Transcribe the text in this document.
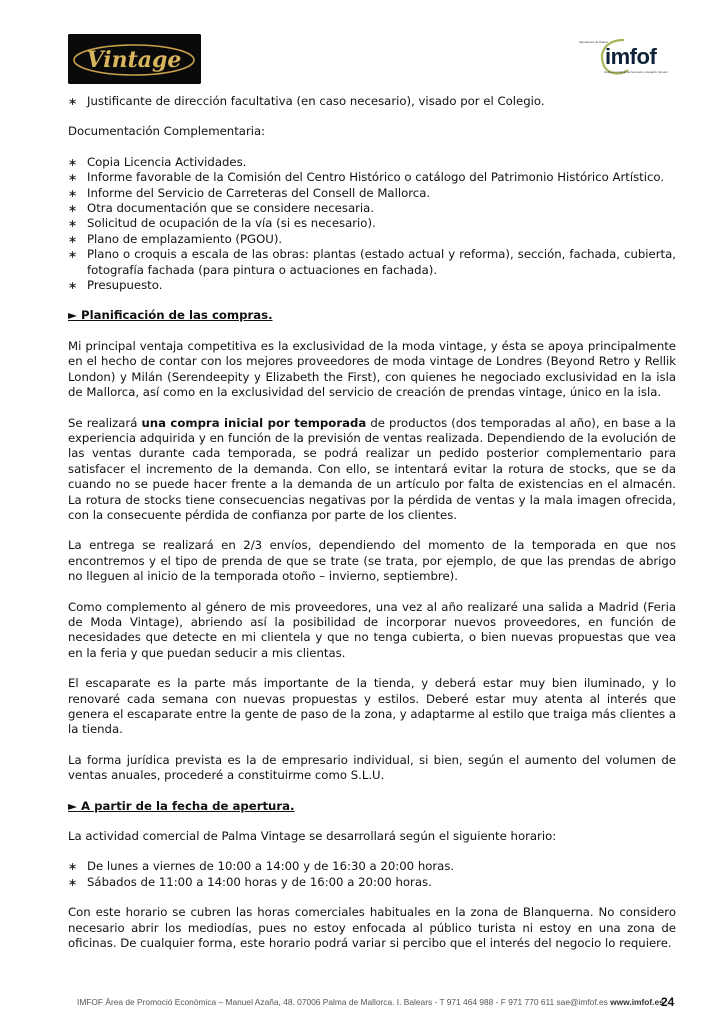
Vintage
Ajuntament de Palma
imfof
institut municipal de formació, ocupació i foment
∗ Justificante de dirección facultativa (en caso necesario), visado por el Colegio.

Documentación Complementaria:

∗ Copia Licencia Actividades.
∗ Informe favorable de la Comisión del Centro Histórico o catálogo del Patrimonio Histórico Artístico.
∗ Informe del Servicio de Carreteras del Consell de Mallorca.
∗ Otra documentación que se considere necesaria.
∗ Solicitud de ocupación de la vía (si es necesario).
∗ Plano de emplazamiento (PGOU).
∗ Plano o croquis a escala de las obras: plantas (estado actual y reforma), sección, fachada, cubierta, fotografía fachada (para pintura o actuaciones en fachada).
∗ Presupuesto.

► Planificación de las compras.

Mi principal ventaja competitiva es la exclusividad de la moda vintage, y ésta se apoya principalmente en el hecho de contar con los mejores proveedores de moda vintage de Londres (Beyond Retro y Rellik London) y Milán (Serendeepity y Elizabeth the First), con quienes he negociado exclusividad en la isla de Mallorca, así como en la exclusividad del servicio de creación de prendas vintage, único en la isla.

Se realizará una compra inicial por temporada de productos (dos temporadas al año), en base a la experiencia adquirida y en función de la previsión de ventas realizada. Dependiendo de la evolución de las ventas durante cada temporada, se podrá realizar un pedido posterior complementario para satisfacer el incremento de la demanda. Con ello, se intentará evitar la rotura de stocks, que se da cuando no se puede hacer frente a la demanda de un artículo por falta de existencias en el almacén. La rotura de stocks tiene consecuencias negativas por la pérdida de ventas y la mala imagen ofrecida, con la consecuente pérdida de confianza por parte de los clientes.

La entrega se realizará en 2/3 envíos, dependiendo del momento de la temporada en que nos encontremos y el tipo de prenda de que se trate (se trata, por ejemplo, de que las prendas de abrigo no lleguen al inicio de la temporada otoño – invierno, septiembre).

Como complemento al género de mis proveedores, una vez al año realizaré una salida a Madrid (Feria de Moda Vintage), abriendo así la posibilidad de incorporar nuevos proveedores, en función de necesidades que detecte en mi clientela y que no tenga cubierta, o bien nuevas propuestas que vea en la feria y que puedan seducir a mis clientas.

El escaparate es la parte más importante de la tienda, y deberá estar muy bien iluminado, y lo renovaré cada semana con nuevas propuestas y estilos. Deberé estar muy atenta al interés que genera el escaparate entre la gente de paso de la zona, y adaptarme al estilo que traiga más clientes a la tienda.

La forma jurídica prevista es la de empresario individual, si bien, según el aumento del volumen de ventas anuales, procederé a constituirme como S.L.U.

► A partir de la fecha de apertura.

La actividad comercial de Palma Vintage se desarrollará según el siguiente horario:

∗ De lunes a viernes de 10:00 a 14:00 y de 16:30 a 20:00 horas.
∗ Sábados de 11:00 a 14:00 horas y de 16:00 a 20:00 horas.

Con este horario se cubren las horas comerciales habituales en la zona de Blanquerna. No considero necesario abrir los mediodías, pues no estoy enfocada al público turista ni estoy en una zona de oficinas. De cualquier forma, este horario podrá variar si percibo que el interés del negocio lo requiere.

IMFOF Àrea de Promoció Econòmica – Manuel Azaña, 48. 07006 Palma de Mallorca. I. Balears - T 971 464 988 - F 971 770 611 sae@imfof.es www.imfof.es
24
